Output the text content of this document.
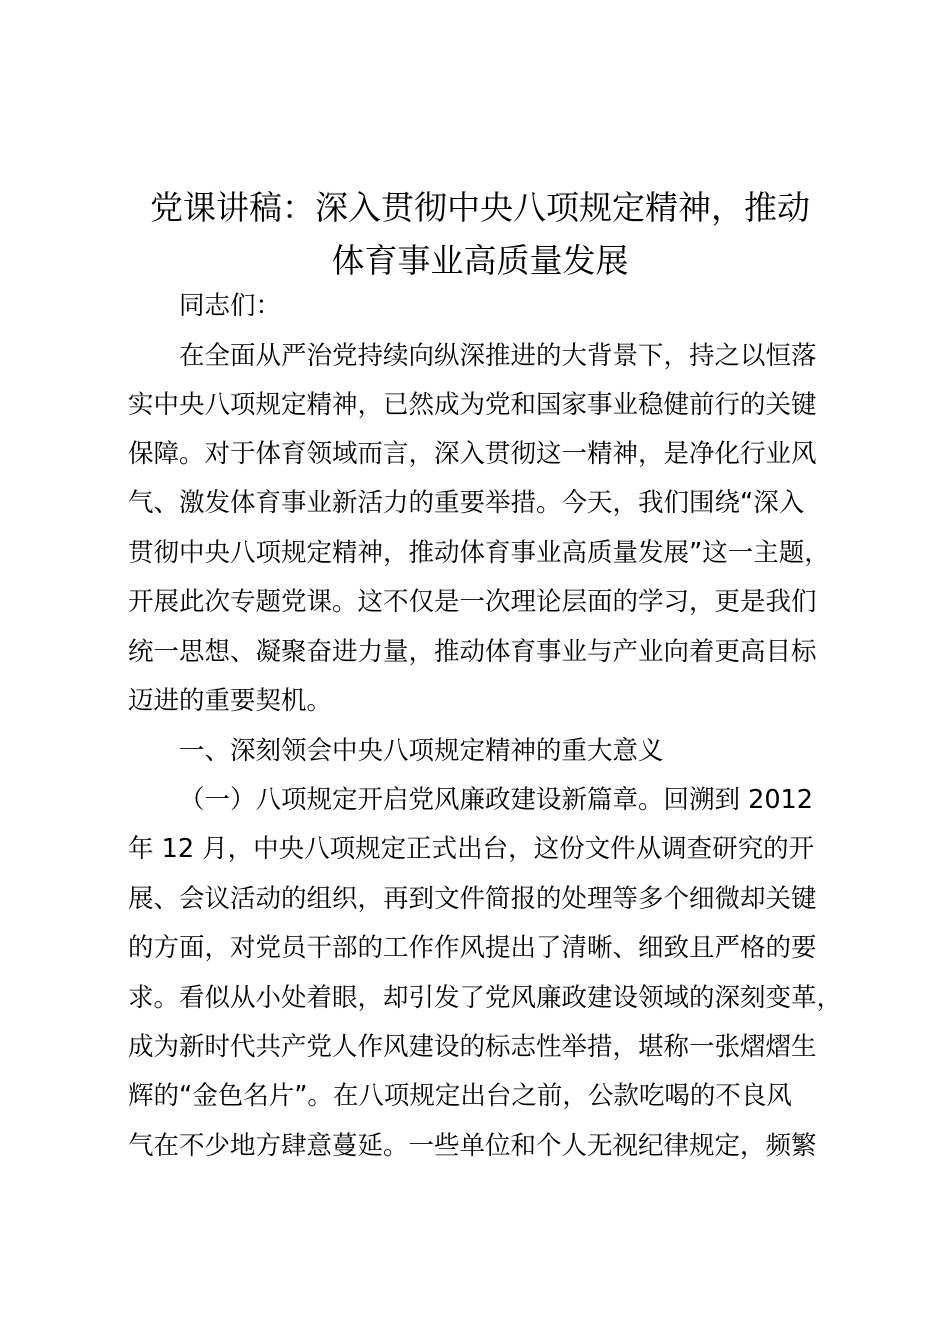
党课讲稿：深入贯彻中央八项规定精神，推动
体育事业高质量发展

同志们：

在全面从严治党持续向纵深推进的大背景下，持之以恒落

实中央八项规定精神，已然成为党和国家事业稳健前行的关键

保障。对于体育领域而言，深入贯彻这一精神，是净化行业风

气、激发体育事业新活力的重要举措。今天，我们围绕“深入

贯彻中央八项规定精神，推动体育事业高质量发展”这一主题，

开展此次专题党课。这不仅是一次理论层面的学习，更是我们

统一思想、凝聚奋进力量，推动体育事业与产业向着更高目标

迈进的重要契机。

一、深刻领会中央八项规定精神的重大意义

（一）八项规定开启党风廉政建设新篇章。回溯到 2012

年 12 月，中央八项规定正式出台，这份文件从调查研究的开

展、会议活动的组织，再到文件简报的处理等多个细微却关键

的方面，对党员干部的工作作风提出了清晰、细致且严格的要

求。看似从小处着眼，却引发了党风廉政建设领域的深刻变革，

成为新时代共产党人作风建设的标志性举措，堪称一张熠熠生

辉的“金色名片”。在八项规定出台之前，公款吃喝的不良风

气在不少地方肆意蔓延。一些单位和个人无视纪律规定，频繁
